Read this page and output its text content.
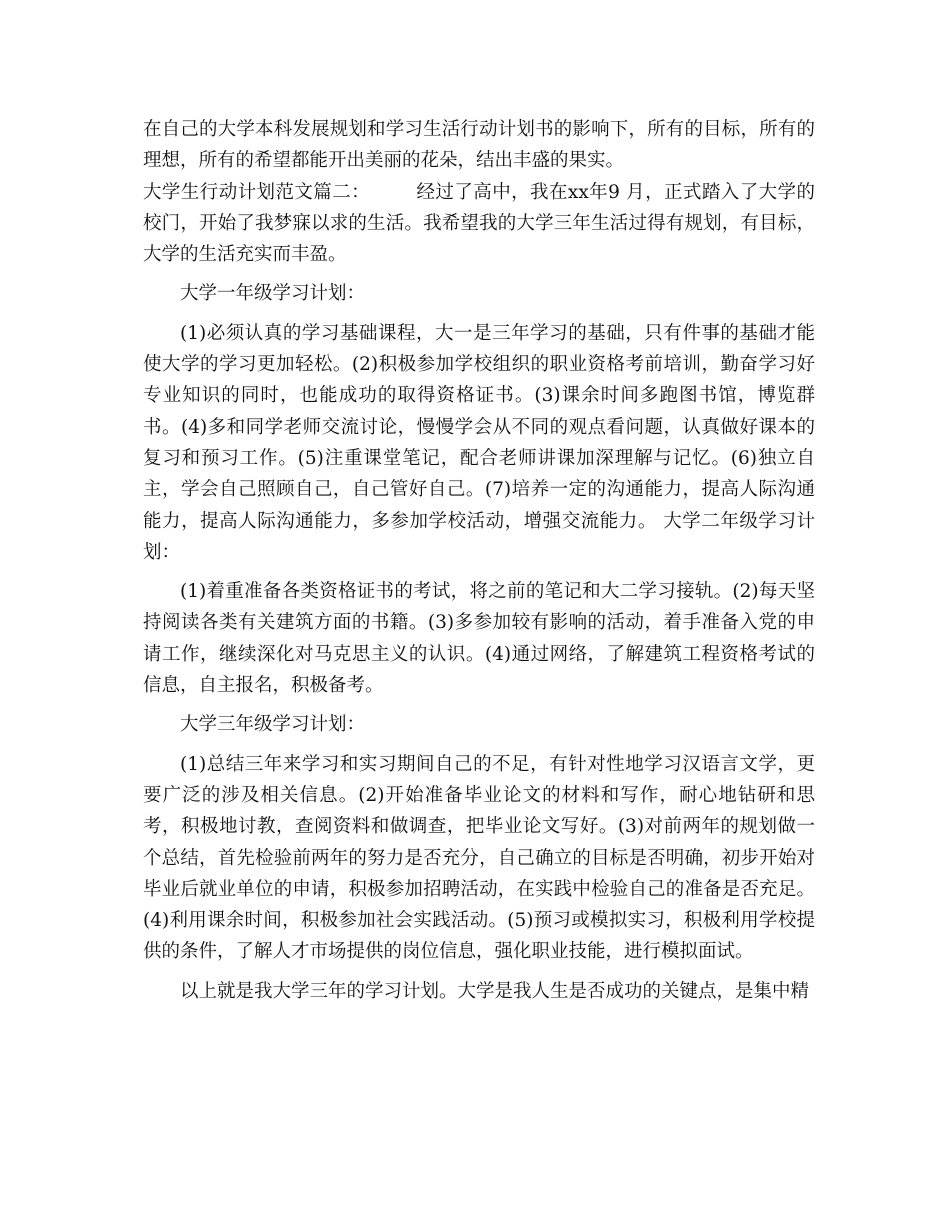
在自己的大学本科发展规划和学习生活行动计划书的影响下，所有的目标，所有的理想，所有的希望都能开出美丽的花朵，结出丰盛的果实。

大学生行动计划范文篇二： 经过了高中，我在xx年9 月，正式踏入了大学的校门，开始了我梦寐以求的生活。我希望我的大学三年生活过得有规划，有目标，大学的生活充实而丰盈。

大学一年级学习计划：

(1)必须认真的学习基础课程，大一是三年学习的基础，只有件事的基础才能使大学的学习更加轻松。(2)积极参加学校组织的职业资格考前培训，勤奋学习好专业知识的同时，也能成功的取得资格证书。(3)课余时间多跑图书馆，博览群书。(4)多和同学老师交流讨论，慢慢学会从不同的观点看问题，认真做好课本的复习和预习工作。(5)注重课堂笔记，配合老师讲课加深理解与记忆。(6)独立自主，学会自己照顾自己，自己管好自己。(7)培养一定的沟通能力，提高人际沟通能力，提高人际沟通能力，多参加学校活动，增强交流能力。 大学二年级学习计划：

(1)着重准备各类资格证书的考试，将之前的笔记和大二学习接轨。(2)每天坚持阅读各类有关建筑方面的书籍。(3)多参加较有影响的活动，着手准备入党的申请工作，继续深化对马克思主义的认识。(4)通过网络，了解建筑工程资格考试的信息，自主报名，积极备考。

大学三年级学习计划：

(1)总结三年来学习和实习期间自己的不足，有针对性地学习汉语言文学，更要广泛的涉及相关信息。(2)开始准备毕业论文的材料和写作，耐心地钻研和思考，积极地讨教，查阅资料和做调查，把毕业论文写好。(3)对前两年的规划做一个总结，首先检验前两年的努力是否充分，自己确立的目标是否明确，初步开始对毕业后就业单位的申请，积极参加招聘活动，在实践中检验自己的准备是否充足。(4)利用课余时间，积极参加社会实践活动。(5)预习或模拟实习，积极利用学校提供的条件，了解人才市场提供的岗位信息，强化职业技能，进行模拟面试。

以上就是我大学三年的学习计划。大学是我人生是否成功的关键点，是集中精
